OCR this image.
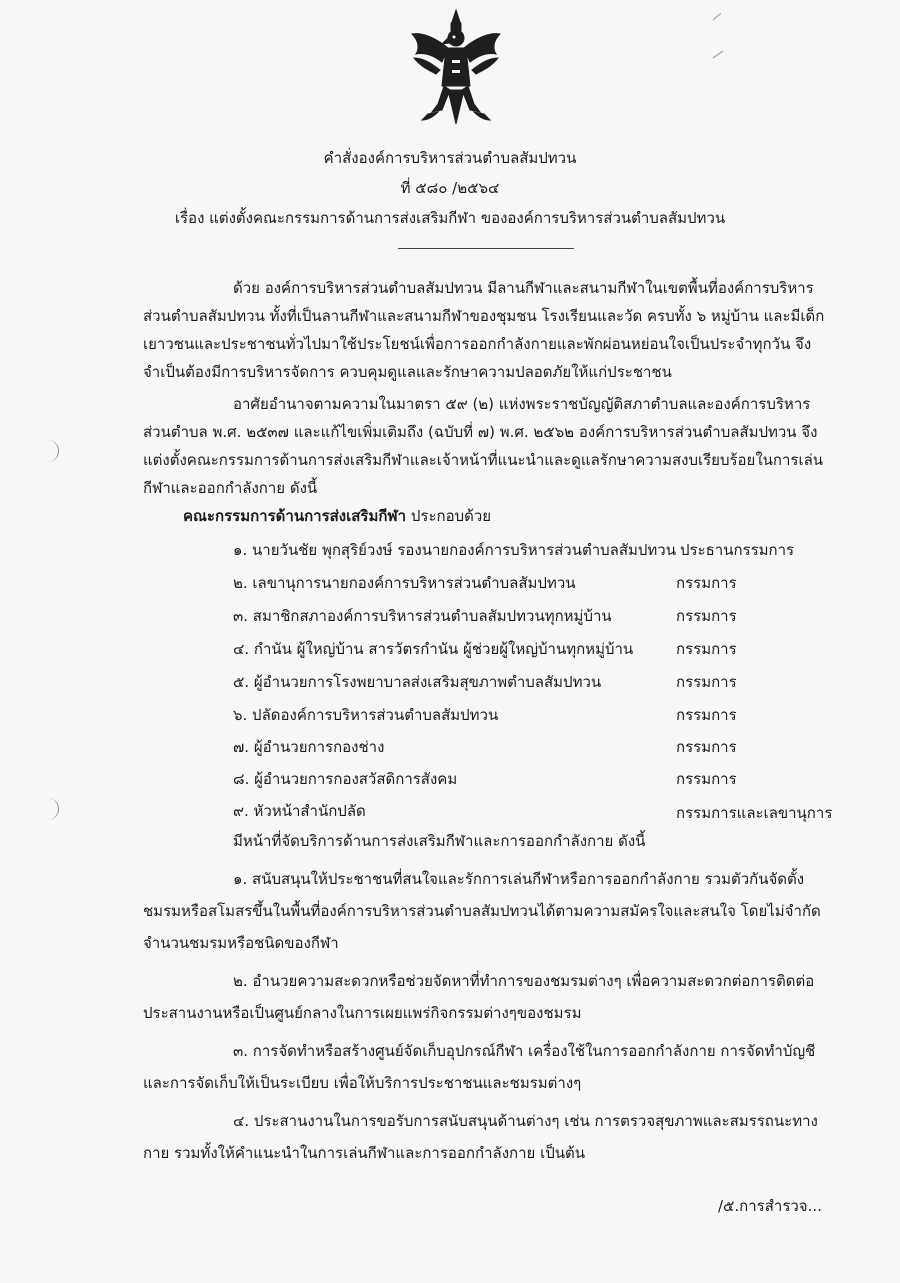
คำสั่งองค์การบริหารส่วนตำบลสัมปทวน
ที่ ๕๘๐ /๒๕๖๔
เรื่อง แต่งตั้งคณะกรรมการด้านการส่งเสริมกีฬา ขององค์การบริหารส่วนตำบลสัมปทวน
ด้วย องค์การบริหารส่วนตำบลสัมปทวน มีลานกีฬาและสนามกีฬาในเขตพื้นที่องค์การบริหาร
ส่วนตำบลสัมปทวน ทั้งที่เป็นลานกีฬาและสนามกีฬาของชุมชน โรงเรียนและวัด ครบทั้ง ๖ หมู่บ้าน และมีเด็ก
เยาวชนและประชาชนทั่วไปมาใช้ประโยชน์เพื่อการออกกำลังกายและพักผ่อนหย่อนใจเป็นประจำทุกวัน จึง
จำเป็นต้องมีการบริหารจัดการ ควบคุมดูแลและรักษาความปลอดภัยให้แก่ประชาชน
อาศัยอำนาจตามความในมาตรา ๕๙ (๒) แห่งพระราชบัญญัติสภาตำบลและองค์การบริหาร
ส่วนตำบล พ.ศ. ๒๕๓๗ และแก้ไขเพิ่มเติมถึง (ฉบับที่ ๗) พ.ศ. ๒๕๖๒ องค์การบริหารส่วนตำบลสัมปทวน จึง
แต่งตั้งคณะกรรมการด้านการส่งเสริมกีฬาและเจ้าหน้าที่แนะนำและดูแลรักษาความสงบเรียบร้อยในการเล่น
กีฬาและออกกำลังกาย ดังนี้
คณะกรรมการด้านการส่งเสริมกีฬา ประกอบด้วย
๑. นายวันชัย พุกสุริย์วงษ์ รองนายกองค์การบริหารส่วนตำบลสัมปทวน ประธานกรรมการ
๒. เลขานุการนายกองค์การบริหารส่วนตำบลสัมปทวน	กรรมการ
๓. สมาชิกสภาองค์การบริหารส่วนตำบลสัมปทวนทุกหมู่บ้าน	กรรมการ
๔. กำนัน ผู้ใหญ่บ้าน สารวัตรกำนัน ผู้ช่วยผู้ใหญ่บ้านทุกหมู่บ้าน	กรรมการ
๕. ผู้อำนวยการโรงพยาบาลส่งเสริมสุขภาพตำบลสัมปทวน	กรรมการ
๖. ปลัดองค์การบริหารส่วนตำบลสัมปทวน	กรรมการ
๗. ผู้อำนวยการกองช่าง	กรรมการ
๘. ผู้อำนวยการกองสวัสดิการสังคม	กรรมการ
๙. หัวหน้าสำนักปลัด	กรรมการและเลขานุการ
มีหน้าที่จัดบริการด้านการส่งเสริมกีฬาและการออกกำลังกาย ดังนี้
๑. สนับสนุนให้ประชาชนที่สนใจและรักการเล่นกีฬาหรือการออกกำลังกาย รวมตัวกันจัดตั้ง
ชมรมหรือสโมสรขึ้นในพื้นที่องค์การบริหารส่วนตำบลสัมปทวนได้ตามความสมัครใจและสนใจ โดยไม่จำกัด
จำนวนชมรมหรือชนิดของกีฬา
๒. อำนวยความสะดวกหรือช่วยจัดหาที่ทำการของชมรมต่างๆ เพื่อความสะดวกต่อการติดต่อ
ประสานงานหรือเป็นศูนย์กลางในการเผยแพร่กิจกรรมต่างๆของชมรม
๓. การจัดทำหรือสร้างศูนย์จัดเก็บอุปกรณ์กีฬา เครื่องใช้ในการออกกำลังกาย การจัดทำบัญชี
และการจัดเก็บให้เป็นระเบียบ เพื่อให้บริการประชาชนและชมรมต่างๆ
๔. ประสานงานในการขอรับการสนับสนุนด้านต่างๆ เช่น การตรวจสุขภาพและสมรรถนะทาง
กาย รวมทั้งให้คำแนะนำในการเล่นกีฬาและการออกกำลังกาย เป็นต้น
/๕.การสำรวจ...
